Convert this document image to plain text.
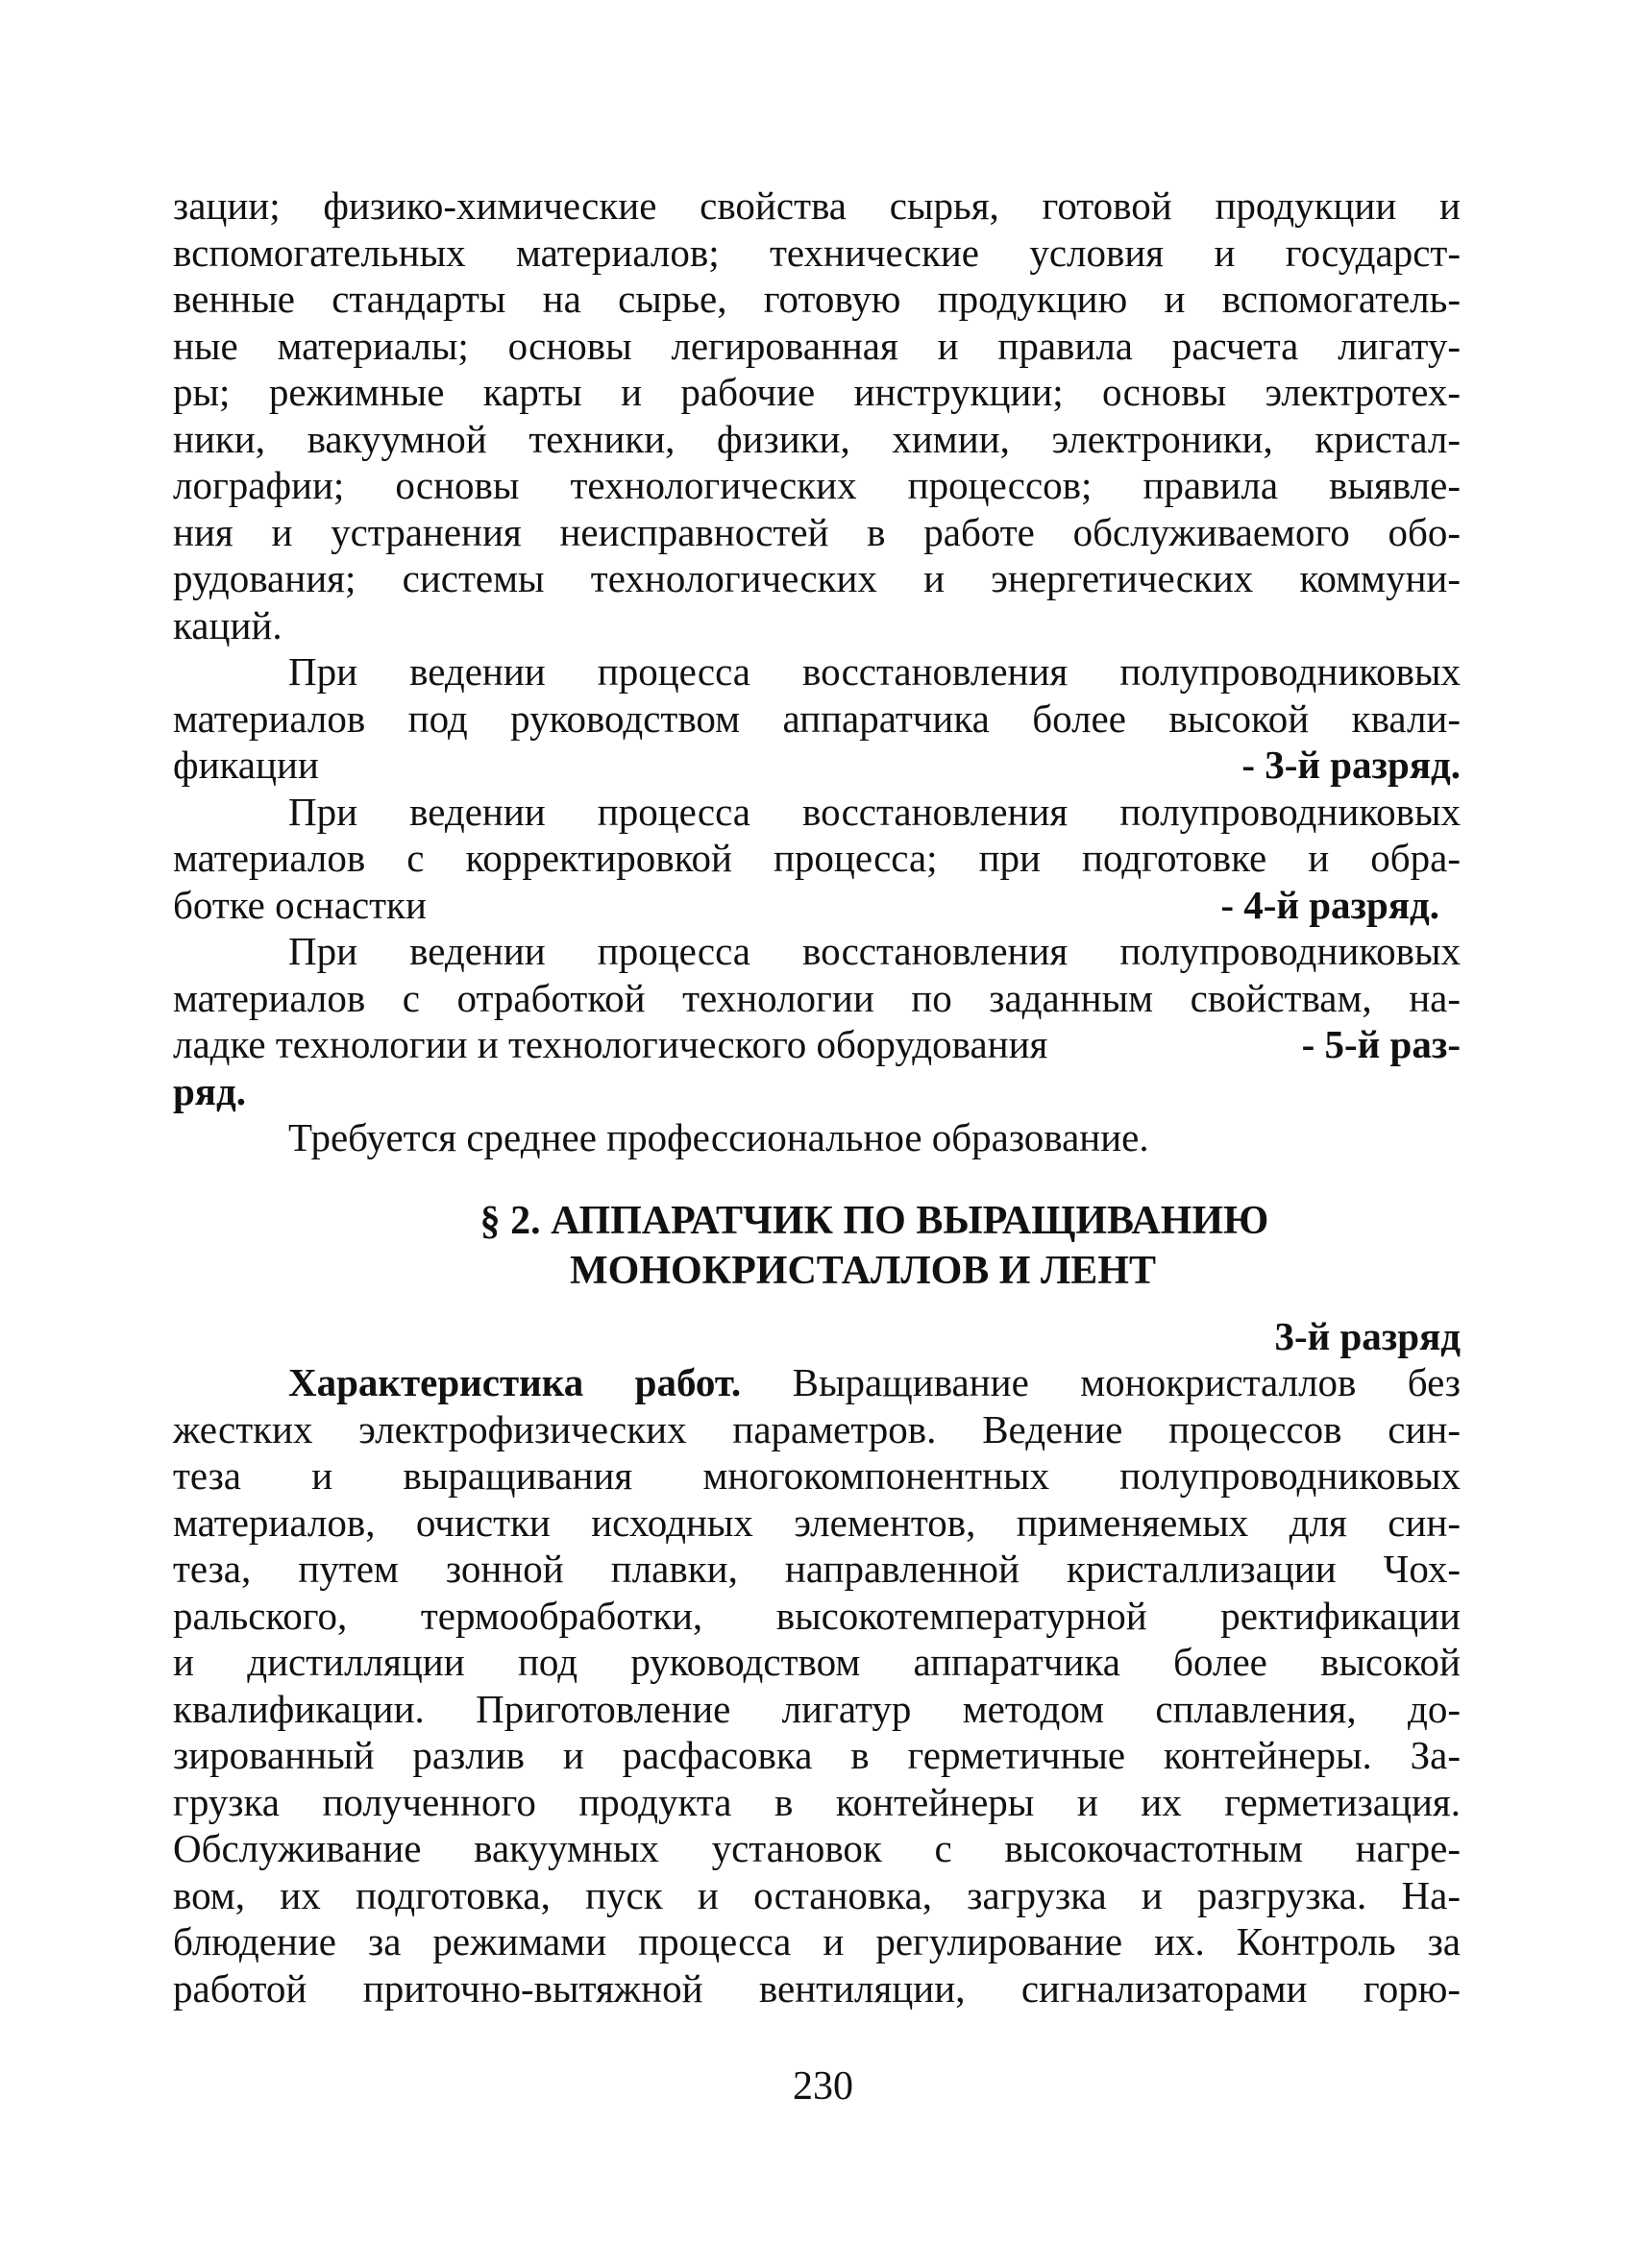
зации; физико-химические свойства сырья, готовой продукции и
вспомогательных материалов; технические условия и государст-
венные стандарты на сырье, готовую продукцию и вспомогатель-
ные материалы; основы легированная и правила расчета лигату-
ры; режимные карты и рабочие инструкции; основы электротех-
ники, вакуумной техники, физики, химии, электроники, кристал-
лографии; основы технологических процессов; правила выявле-
ния и устранения неисправностей в работе обслуживаемого обо-
рудования; системы технологических и энергетических коммуни-
каций.
При ведении процесса восстановления полупроводниковых
материалов под руководством аппаратчика более высокой квали-
фикации	- 3-й разряд.
При ведении процесса восстановления полупроводниковых
материалов с корректировкой процесса; при подготовке и обра-
ботке оснастки	- 4-й разряд.
При ведении процесса восстановления полупроводниковых
материалов с отработкой технологии по заданным свойствам, на-
ладке технологии и технологического оборудования	- 5-й раз-
ряд.
Требуется среднее профессиональное образование.
§ 2. АППАРАТЧИК ПО ВЫРАЩИВАНИЮ
МОНОКРИСТАЛЛОВ И ЛЕНТ
3-й разряд
Характеристика работ. Выращивание монокристаллов без
жестких электрофизических параметров. Ведение процессов син-
теза и выращивания многокомпонентных полупроводниковых
материалов, очистки исходных элементов, применяемых для син-
теза, путем зонной плавки, направленной кристаллизации Чох-
ральского, термообработки, высокотемпературной ректификации
и дистилляции под руководством аппаратчика более высокой
квалификации. Приготовление лигатур методом сплавления, до-
зированный разлив и расфасовка в герметичные контейнеры. За-
грузка полученного продукта в контейнеры и их герметизация.
Обслуживание вакуумных установок с высокочастотным нагре-
вом, их подготовка, пуск и остановка, загрузка и разгрузка. На-
блюдение за режимами процесса и регулирование их. Контроль за
работой приточно-вытяжной вентиляции, сигнализаторами горю-
230
